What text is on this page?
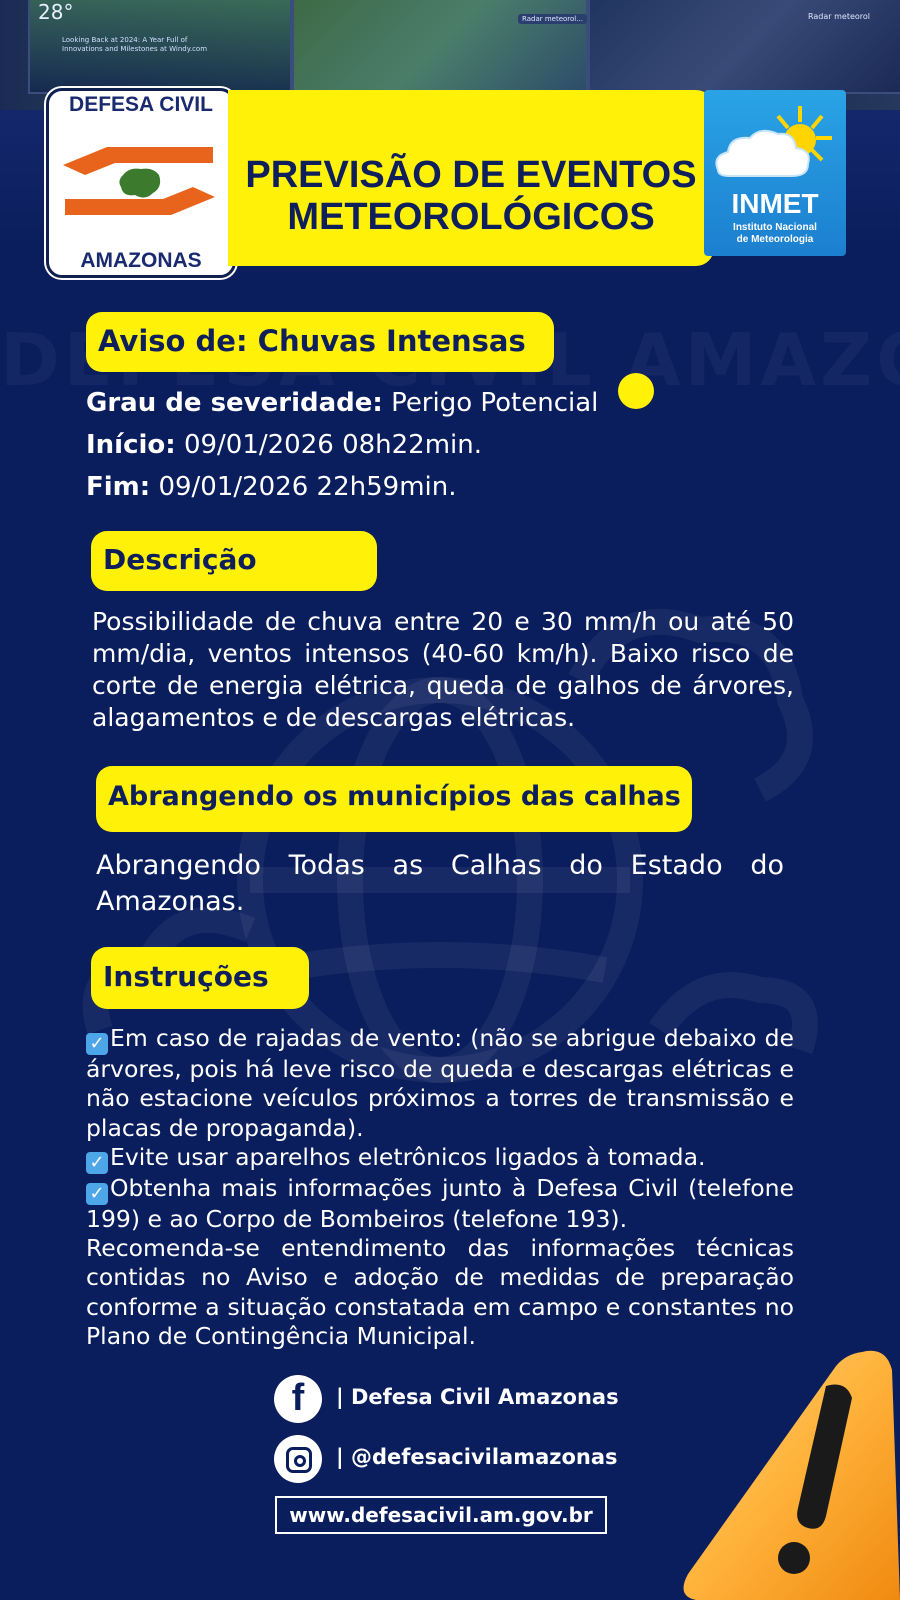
28°
Looking Back at 2024: A Year Full of Innovations and Milestones at Windy.com
Radar meteorol...	Radar meteorol
DEFESA CIVIL
AMAZONAS
PREVISÃO DE EVENTOS
METEOROLÓGICOS	INMET
Instituto Nacional
de Meteorologia
Aviso de: Chuvas Intensas
Grau de severidade: Perigo Potencial
Início: 09/01/2026 08h22min.
Fim: 09/01/2026 22h59min.
Descrição
Possibilidade de chuva entre 20 e 30 mm/h ou até 50 mm/dia, ventos intensos (40-60 km/h). Baixo risco de corte de energia elétrica, queda de galhos de árvores, alagamentos e de descargas elétricas.
Abrangendo os municípios das calhas
Abrangendo Todas as Calhas do Estado do
Amazonas.
Instruções

✓ Em caso de rajadas de vento: (não se abrigue debaixo de árvores, pois há leve risco de queda e descargas elétricas e não estacione veículos próximos a torres de transmissão e placas de propaganda).

✓ Evite usar aparelhos eletrônicos ligados à tomada.

✓ Obtenha mais informações junto à Defesa Civil (telefone 199) e ao Corpo de Bombeiros (telefone 193).

Recomenda-se entendimento das informações técnicas contidas no Aviso e adoção de medidas de preparação conforme a situação constatada em campo e constantes no Plano de Contingência Municipal.

f	| Defesa Civil Amazonas
| @defesacivilamazonas
www.defesacivil.am.gov.br
